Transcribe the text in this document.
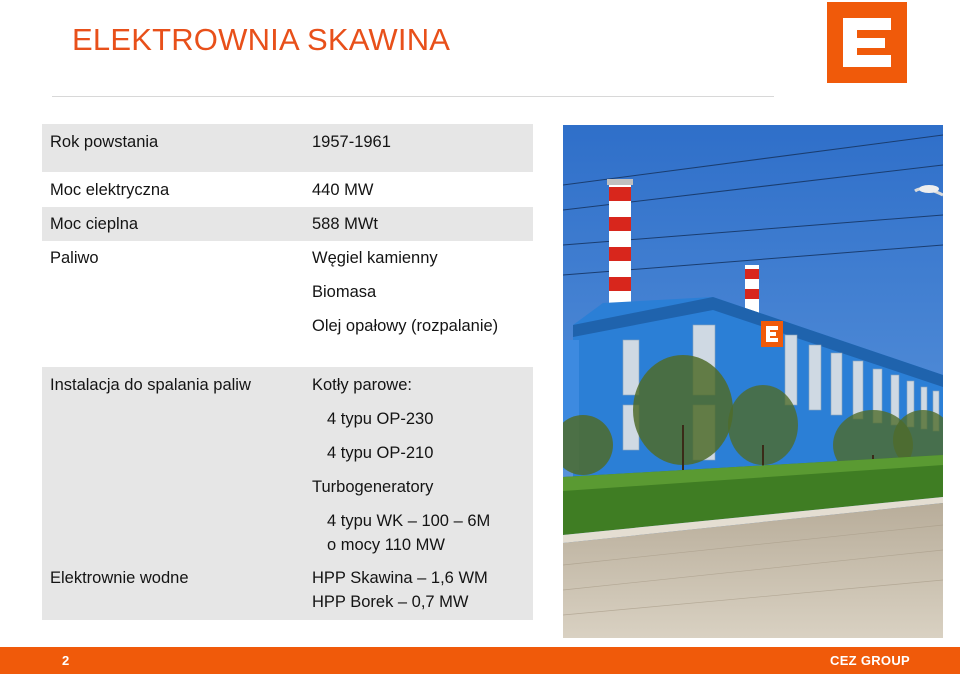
ELEKTROWNIA SKAWINA
Rok powstania	1957-1961
Moc elektryczna	440 MW
Moc cieplna	588 MWt
Paliwo	Węgiel kamienny
Biomasa
Olej opałowy (rozpalanie)
Instalacja do spalania paliw	Kotły parowe:
4 typu OP-230
4 typu OP-210
Turbogeneratory
4 typu WK – 100 – 6M
o mocy 110 MW
Elektrownie wodne	HPP Skawina – 1,6 WM
HPP Borek – 0,7 MW
2	CEZ GROUP
